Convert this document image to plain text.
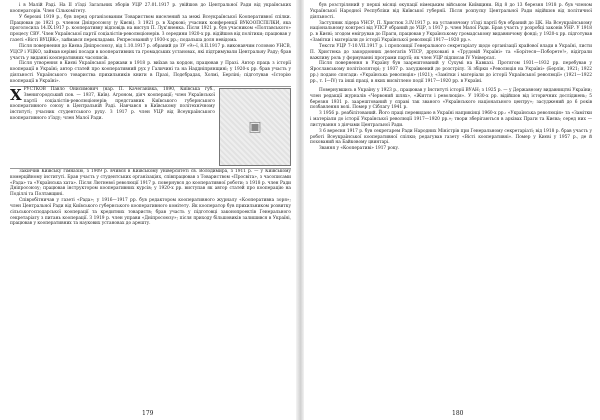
і в Малій Раді. На ІІ з'їзді Загальних зборів УЦР 27.01.1917 р. увійшов до Центральної Ради від українських кооператорів. Член Сількомітету.

У березні 1919 р., був перед організованим Товариством виселений за межі Всеукраїнської Кооперативної спілки. Працював до 1921 р. членом Дніпросоюзу (у Києві). З 1921 р. в Харкові; учасник конференції ВУКООПСПІЛКИ, яка проголосила 14.IX.1917 р. кооперативну відповідь на виступ П. Лук'яненка. Після 1921 р. був учасником «Полтавського» процесу СВУ. Член Української партії соціалістів-революціонерів. З середини 1920-х рр. відійшов від політики; працював у газеті «Вісті ВУЦВК», займався перекладами. Репресований у 1930-х рр.; подальша доля невідома.

Після повернення до Києва Дніпросоюзу, від 1.10.1917 р. обраний до ЗУ «9»-ї, 8.II.1917 р. виконавчим головою УНСВ, УЦСР і УЦКО, займав керівні посади в кооперативних та громадських установах, які підтримували Центральну Раду; брав участь у виданні кооперативних часописів.

Після утворення в Києві Української держави в 1918 р. виїхав за кордон, працював у Празі. Автор праць з історії кооперації в Україні; автор статей про кооперативний рух у Галичині та на Наддніпрянщині; у 1920-х рр. брав участь у діяльності Українського товариства прихильників книги в Празі, Подєбрадах, Холмі, Берліні; підготував «Історію кооперації в Україні».

▣
Х РУСТКОВ Павло Онисимович (нар. П. Качеганівка, 1890, Київська губ., Звенигородський пов. — 1937, Київ). Агроном, діяч кооперації; член Української партії соціалістів-революціонерів; представник Київського губернського кооперативного союзу в Центральній Раді. Навчався в Київському політехнічному інституті; учасник студентського руху. З 1917 р. член УЦР від Всеукраїнського кооперативного з'їзду; член Малої Ради.

Закінчив Київську гімназію, з 1909 р. вчився в Київському університеті св. Володимира, з 1911 р. — у Київському комерційному інституті. Брав участь у студентських організаціях, співпрацював з Товариством «Просвіта», з часописами «Рада» та «Українська хата». Після Лютневої революції 1917 р. повернувся до кооперативної роботи; з 1918 р. член Ради Дніпросоюзу; працював інструктором кооперативних курсів; у 1920-х рр. виступав як автор статей про кооперацію на Поділлі та Полтавщині.

Співробітничав у газеті «Рада»; у 1916—1917 рр. був редактором кооперативного журналу «Кооперативна зоря»; член Центральної Ради від Київського губернського кооперативного комітету. Як кооператор був прихильником розвитку сільськогосподарської кооперації та кредитних товариств; брав участь у підготовці законопроектів Генерального секретаріату з питань кооперації. З 1919 р. член управи «Дніпросоюзу»; після приходу більшовиків залишився в Україні, працював у кооперативних та наукових установах до арешту.

179

був розстріляний у перші місяці окупації німецьким військом Київщини. Від 8 до 13 березня 1918 р. був членом Української Народної Республіки від Київської губернії. Після розпуску Центральної Ради відійшов від політичної діяльності.

Заступник лідера УНСР, П. Христюк 3.IV.1917 р. на установчому з'їзді партії був обраний до ЦК. На Всеукраїнському національному конгресі від УПСР обраний до УЦР, з 1917 р. член Малої Ради. Брав участь у розробці законів УНР. У 1918 р. в Києві; згодом емігрував до Праги, працював у Українському громадському видавничому фонді; у 1920-х рр. підготував «Замітки і матеріали до історії Української революції 1917—1920 рр.».

Тексти УЦР 7-10.VII.1917 р. і пропозиції Генерального секретаріату щодо організації крайової влади в Україні, листи П. Христюка до закордонних делегатів УПСР, друковані в «Трудовій Україні» та «Борітеся—Поборете!», відіграли важливу роль у формуванні програми партії; як член УЦР підписав IV Універсал.

Після повернення в Україну був заарештований у Сухумі на Кавказі. Протягом 1931—1932 рр. перебував у Ярославському політізоляторі; у 1937 р. засуджений до розстрілу. Зі збірки «Революція на Україні» (Берлін, 1921; 1922 рр.) подано спогади: «Українська революція» (1921); «Замітки і матеріали до історії Української революції» (1921—1922 рр., т. I—IV) та інші праці, в яких висвітлено події 1917—1920 рр. в Україні.

Повернувшись в Україну у 1923 р., працював у Інституті історії ВУАН; з 1925 р. — у Державному видавництві України; член редакції журналів «Червоний шлях», «Життя і революція». У 1930-х рр. відійшов від історичних досліджень; 5 березня 1931 р. заарештований у справі так званого «Українського національного центру»; засуджений до 6 років позбавлення волі. Помер у Сіблагу 1941 р.

З 1956 р. реабілітований. Його праці перевидано в Україні наприкінці 1960-х рр.: «Українська революція» та «Замітки і матеріали до історії Української революції 1917—1920 рр.»; твори зберігаються в архівах Праги та Києва; серед них — листування з діячами Центральної Ради.

З 6 вересня 1917 р. був секретарем Ради Народних Міністрів при Генеральному секретаріаті; від 1918 р. брав участь у роботі Всеукраїнської кооперативної спілки; редагував газету «Вісті кооперативні». Помер у Києві у 1957 р., де й похований на Байковому цвинтарі.

Звання у «Кооперативі» 1917 року.

180
